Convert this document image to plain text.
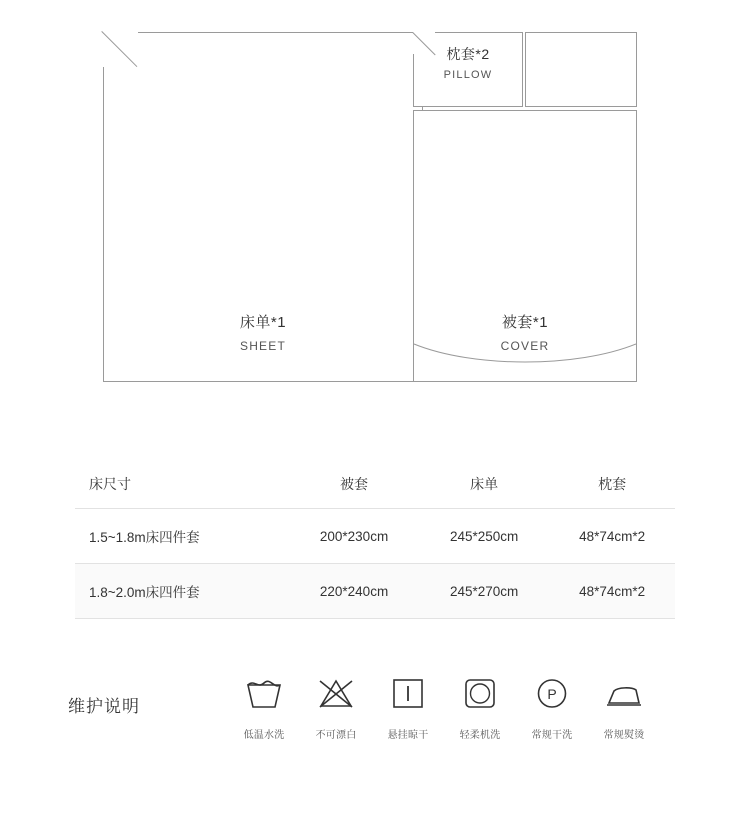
床单*1
SHEET
被套*1
COVER
枕套*2
PILLOW
床尺寸	被套	床单	枕套
1.5~1.8m床四件套	200*230cm	245*250cm	48*74cm*2
1.8~2.0m床四件套	220*240cm	245*270cm	48*74cm*2
维护说明
低温水洗	不可漂白	悬挂晾干	轻柔机洗
P
常规干洗	常规熨烫
